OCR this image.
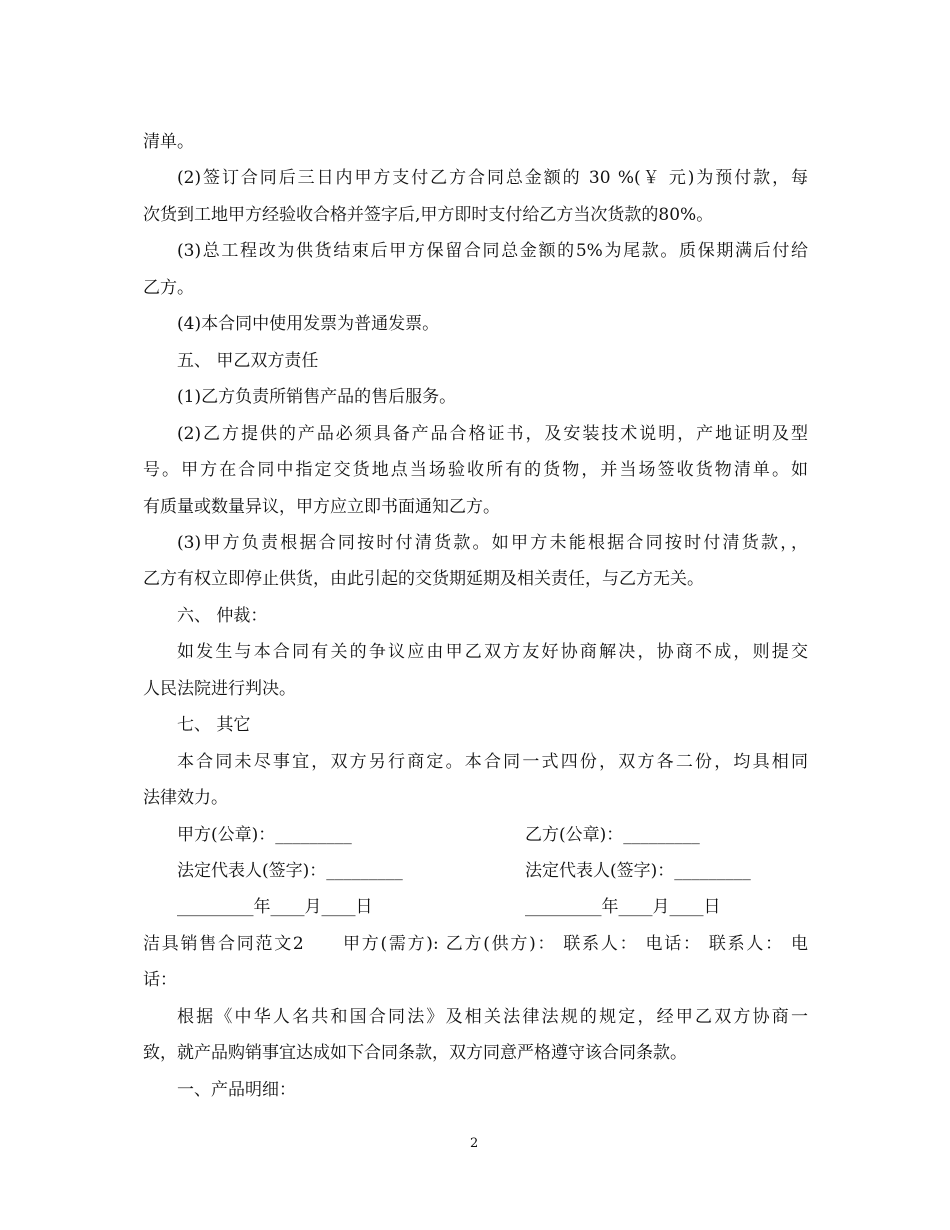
清单。
(2)签订合同后三日内甲方支付乙方合同总金额的 30 %(￥ 元)为预付款，每
次货到工地甲方经验收合格并签字后,甲方即时支付给乙方当次货款的80%。
(3)总工程改为供货结束后甲方保留合同总金额的5%为尾款。质保期满后付给
乙方。
(4)本合同中使用发票为普通发票。
五、 甲乙双方责任
(1)乙方负责所销售产品的售后服务。
(2)乙方提供的产品必须具备产品合格证书，及安装技术说明，产地证明及型
号。甲方在合同中指定交货地点当场验收所有的货物，并当场签收货物清单。如
有质量或数量异议，甲方应立即书面通知乙方。
(3)甲方负责根据合同按时付清货款。如甲方未能根据合同按时付清货款，，
乙方有权立即停止供货，由此引起的交货期延期及相关责任，与乙方无关。
六、 仲裁：
如发生与本合同有关的争议应由甲乙双方友好协商解决，协商不成，则提交
人民法院进行判决。
七、 其它
本合同未尽事宜，双方另行商定。本合同一式四份，双方各二份，均具相同
法律效力。
甲方(公章)：_________	乙方(公章)：_________
法定代表人(签字)：_________	法定代表人(签字)：_________
_________年____月____日	_________年____月____日
洁具销售合同范文2　　甲方(需方): 乙方(供方)： 联系人： 电话： 联系人： 电
话：
根据《中华人名共和国合同法》及相关法律法规的规定，经甲乙双方协商一
致，就产品购销事宜达成如下合同条款，双方同意严格遵守该合同条款。
一、产品明细：
2
